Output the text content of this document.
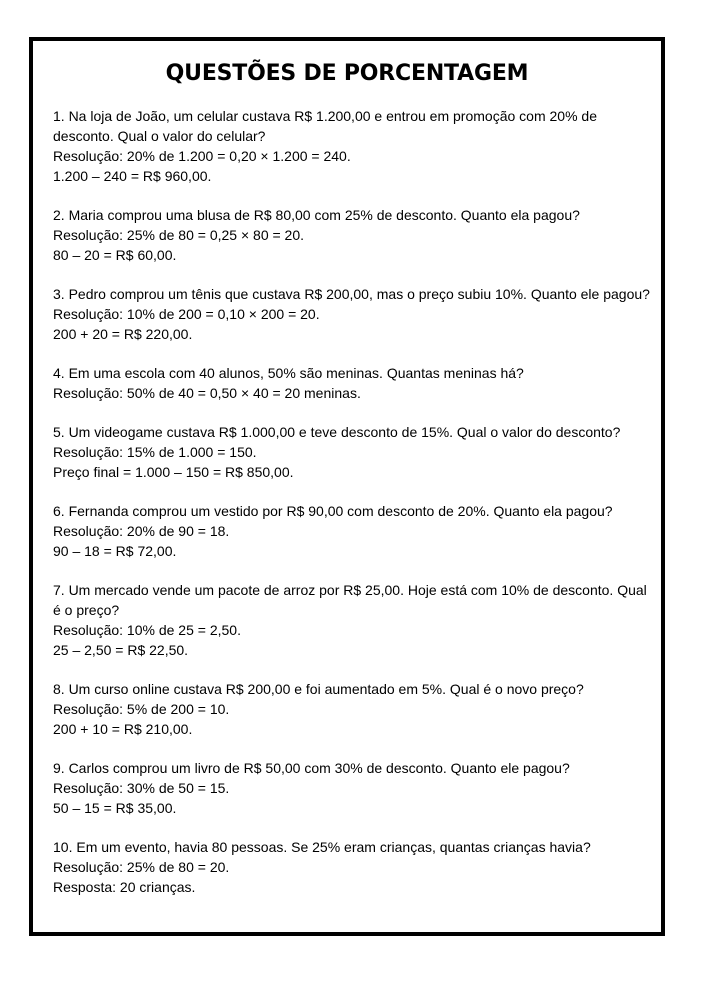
QUESTÕES DE PORCENTAGEM

1. Na loja de João, um celular custava R$ 1.200,00 e entrou em promoção com 20% de desconto. Qual o valor do celular?

Resolução: 20% de 1.200 = 0,20 × 1.200 = 240.

1.200 – 240 = R$ 960,00.

2. Maria comprou uma blusa de R$ 80,00 com 25% de desconto. Quanto ela pagou?

Resolução: 25% de 80 = 0,25 × 80 = 20.

80 – 20 = R$ 60,00.

3. Pedro comprou um tênis que custava R$ 200,00, mas o preço subiu 10%. Quanto ele pagou?

Resolução: 10% de 200 = 0,10 × 200 = 20.

200 + 20 = R$ 220,00.

4. Em uma escola com 40 alunos, 50% são meninas. Quantas meninas há?

Resolução: 50% de 40 = 0,50 × 40 = 20 meninas.

5. Um videogame custava R$ 1.000,00 e teve desconto de 15%. Qual o valor do desconto?

Resolução: 15% de 1.000 = 150.

Preço final = 1.000 – 150 = R$ 850,00.

6. Fernanda comprou um vestido por R$ 90,00 com desconto de 20%. Quanto ela pagou?

Resolução: 20% de 90 = 18.

90 – 18 = R$ 72,00.

7. Um mercado vende um pacote de arroz por R$ 25,00. Hoje está com 10% de desconto. Qual é o preço?

Resolução: 10% de 25 = 2,50.

25 – 2,50 = R$ 22,50.

8. Um curso online custava R$ 200,00 e foi aumentado em 5%. Qual é o novo preço?

Resolução: 5% de 200 = 10.

200 + 10 = R$ 210,00.

9. Carlos comprou um livro de R$ 50,00 com 30% de desconto. Quanto ele pagou?

Resolução: 30% de 50 = 15.

50 – 15 = R$ 35,00.

10. Em um evento, havia 80 pessoas. Se 25% eram crianças, quantas crianças havia?

Resolução: 25% de 80 = 20.

Resposta: 20 crianças.
